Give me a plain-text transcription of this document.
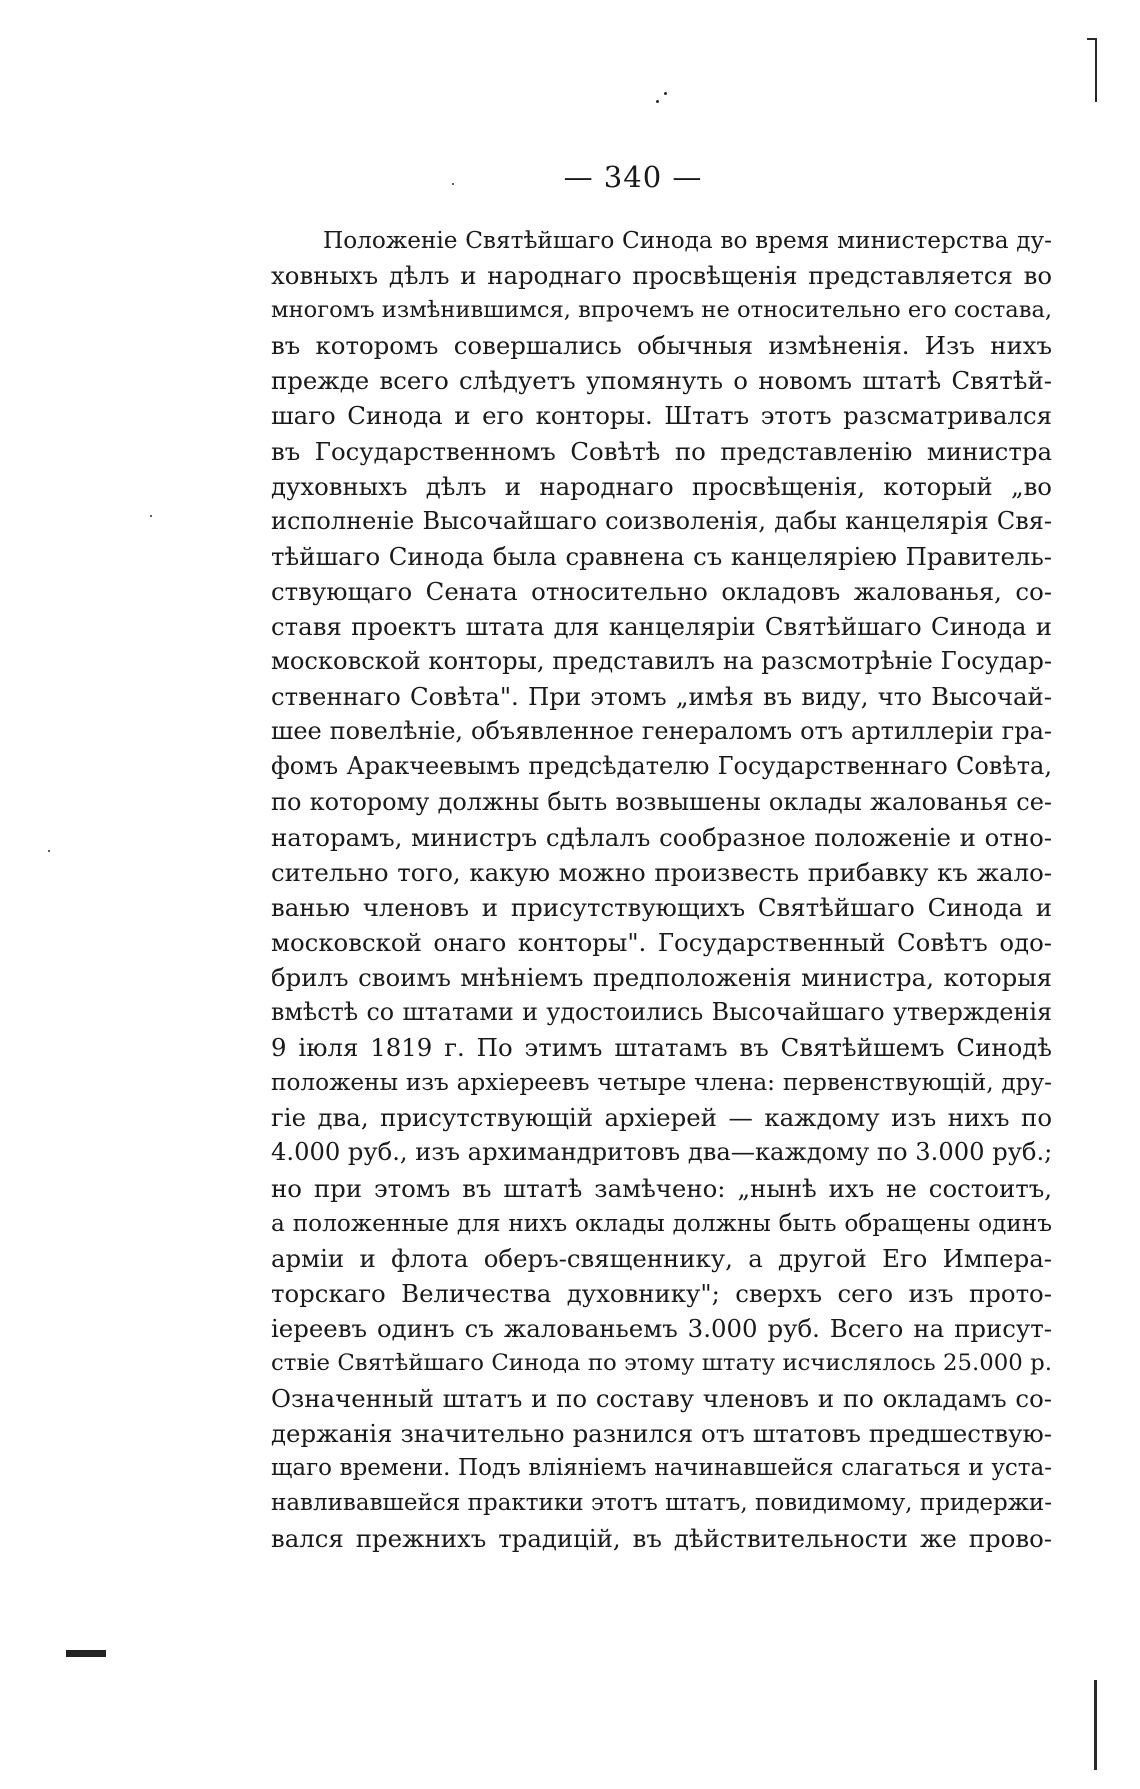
— 340 —
Положеніе Святѣйшаго Синода во время министерства ду-
ховныхъ дѣлъ и народнаго просвѣщенія представляется во
многомъ измѣнившимся, впрочемъ не относительно его состава,
въ которомъ совершались обычныя измѣненія. Изъ нихъ
прежде всего слѣдуетъ упомянуть о новомъ штатѣ Святѣй-
шаго Синода и его конторы. Штатъ этотъ разсматривался
въ Государственномъ Совѣтѣ по представленію министра
духовныхъ дѣлъ и народнаго просвѣщенія, который „во
исполненіе Высочайшаго соизволенія, дабы канцелярія Свя-
тѣйшаго Синода была сравнена съ канцеляріею Правитель-
ствующаго Сената относительно окладовъ жалованья, со-
ставя проектъ штата для канцеляріи Святѣйшаго Синода и
московской конторы, представилъ на разсмотрѣніе Государ-
ственнаго Совѣта". При этомъ „имѣя въ виду, что Высочай-
шее повелѣніе, объявленное генераломъ отъ артиллеріи гра-
фомъ Аракчеевымъ предсѣдателю Государственнаго Совѣта,
по которому должны быть возвышены оклады жалованья се-
наторамъ, министръ сдѣлалъ сообразное положеніе и отно-
сительно того, какую можно произвесть прибавку къ жало-
ванью членовъ и присутствующихъ Святѣйшаго Синода и
московской онаго конторы". Государственный Совѣтъ одо-
брилъ своимъ мнѣніемъ предположенія министра, которыя
вмѣстѣ со штатами и удостоились Высочайшаго утвержденія
9 іюля 1819 г. По этимъ штатамъ въ Святѣйшемъ Синодѣ
положены изъ архіереевъ четыре члена: первенствующій, дру-
гіе два, присутствующій архіерей — каждому изъ нихъ по
4.000 руб., изъ архимандритовъ два—каждому по 3.000 руб.;
но при этомъ въ штатѣ замѣчено: „нынѣ ихъ не состоитъ,
а положенные для нихъ оклады должны быть обращены одинъ
арміи и флота оберъ-священнику, а другой Его Импера-
торскаго Величества духовнику"; сверхъ сего изъ прото-
іереевъ одинъ съ жалованьемъ 3.000 руб. Всего на присут-
ствіе Святѣйшаго Синода по этому штату исчислялось 25.000 р.
Означенный штатъ и по составу членовъ и по окладамъ со-
держанія значительно разнился отъ штатовъ предшествую-
щаго времени. Подъ вліяніемъ начинавшейся слагаться и уста-
навливавшейся практики этотъ штатъ, повидимому, придержи-
вался прежнихъ традицій, въ дѣйствительности же прово-
